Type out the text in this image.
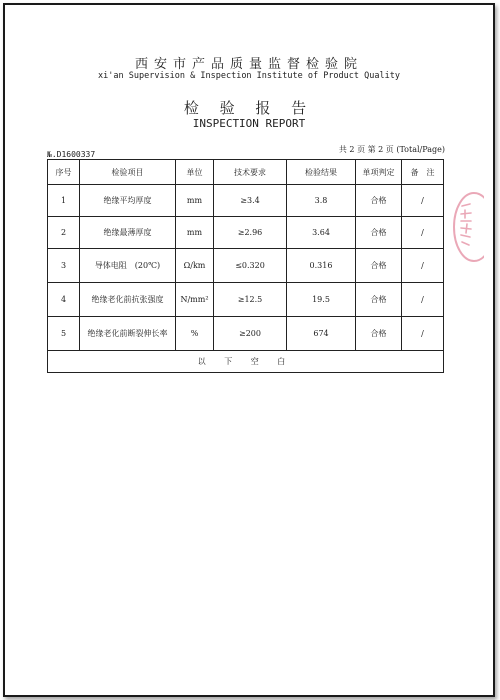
西安市产品质量监督检验院
xi'an Supervision & Inspection Institute of Product Quality
检 验 报 告
INSPECTION REPORT
№.D1600337
共 2 页 第 2 页 (Total/Page)
序号	检验项目	单位	技术要求	检验结果	单项判定	备　注
1	绝缘平均厚度	mm	≥3.4	3.8	合格	/
2	绝缘最薄厚度	mm	≥2.96	3.64	合格	/
3	导体电阻　(20℃)	Ω/km	≤0.320	0.316	合格	/
4	绝缘老化前抗张强度	N/mm²	≥12.5	19.5	合格	/
5	绝缘老化前断裂伸长率	%	≥200	674	合格	/
以 下 空 白						
